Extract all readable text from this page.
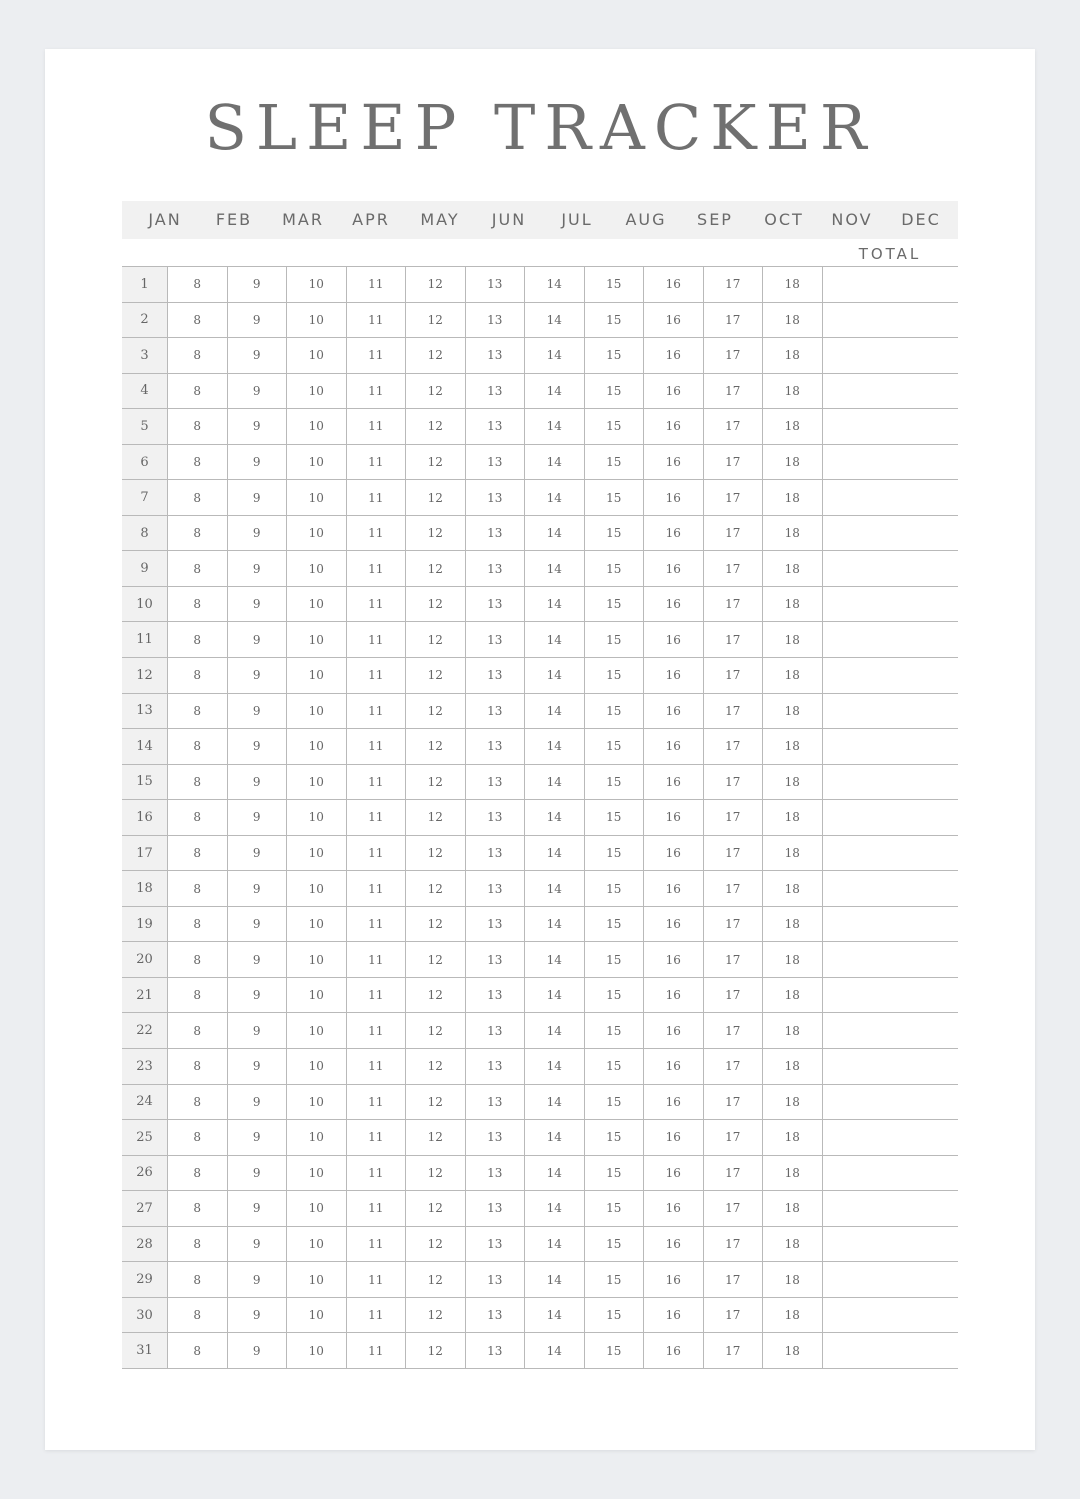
SLEEP TRACKER
JAN	FEB	MAR	APR	MAY	JUN	JUL	AUG	SEP	OCT	NOV	DEC
TOTAL
1	8	9	10	11	12	13	14	15	16	17	18
2	8	9	10	11	12	13	14	15	16	17	18
3	8	9	10	11	12	13	14	15	16	17	18
4	8	9	10	11	12	13	14	15	16	17	18
5	8	9	10	11	12	13	14	15	16	17	18
6	8	9	10	11	12	13	14	15	16	17	18
7	8	9	10	11	12	13	14	15	16	17	18
8	8	9	10	11	12	13	14	15	16	17	18
9	8	9	10	11	12	13	14	15	16	17	18
10	8	9	10	11	12	13	14	15	16	17	18
11	8	9	10	11	12	13	14	15	16	17	18
12	8	9	10	11	12	13	14	15	16	17	18
13	8	9	10	11	12	13	14	15	16	17	18
14	8	9	10	11	12	13	14	15	16	17	18
15	8	9	10	11	12	13	14	15	16	17	18
16	8	9	10	11	12	13	14	15	16	17	18
17	8	9	10	11	12	13	14	15	16	17	18
18	8	9	10	11	12	13	14	15	16	17	18
19	8	9	10	11	12	13	14	15	16	17	18
20	8	9	10	11	12	13	14	15	16	17	18
21	8	9	10	11	12	13	14	15	16	17	18
22	8	9	10	11	12	13	14	15	16	17	18
23	8	9	10	11	12	13	14	15	16	17	18
24	8	9	10	11	12	13	14	15	16	17	18
25	8	9	10	11	12	13	14	15	16	17	18
26	8	9	10	11	12	13	14	15	16	17	18
27	8	9	10	11	12	13	14	15	16	17	18
28	8	9	10	11	12	13	14	15	16	17	18
29	8	9	10	11	12	13	14	15	16	17	18
30	8	9	10	11	12	13	14	15	16	17	18
31	8	9	10	11	12	13	14	15	16	17	18
